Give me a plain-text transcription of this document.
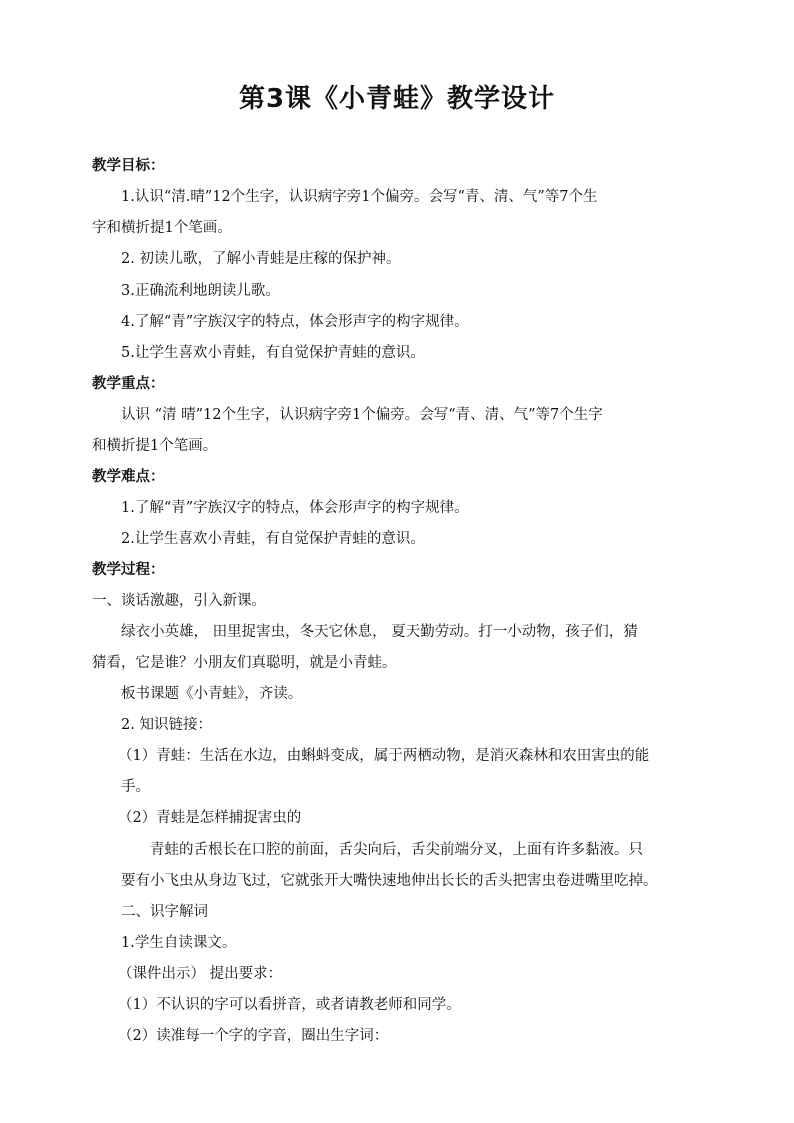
第3课《小青蛙》教学设计
教学目标：
1.认识“清.晴”12个生字，认识病字旁1个偏旁。会写“青、清、气”等7个生
字和横折提1个笔画。
2. 初读儿歌，了解小青蛙是庄稼的保护神。
3.正确流利地朗读儿歌。
4.了解“青”字族汉字的特点，体会形声字的构字规律。
5.让学生喜欢小青蛙，有自觉保护青蛙的意识。
教学重点：
认识 “清 晴”12个生字，认识病字旁1个偏旁。会写“青、清、气”等7个生字
和横折提1个笔画。
教学难点：
1.了解“青”字族汉字的特点，体会形声字的构字规律。
2.让学生喜欢小青蛙，有自觉保护青蛙的意识。
教学过程：
一、谈话激趣，引入新课。
绿衣小英雄， 田里捉害虫，冬天它休息， 夏天勤劳动。打一小动物，孩子们，猜
猜看，它是谁？小朋友们真聪明，就是小青蛙。
板书课题《小青蛙》，齐读。
2. 知识链接：
（1）青蛙：生活在水边，由蝌蚪变成，属于两栖动物，是消灭森林和农田害虫的能
手。
（2）青蛙是怎样捕捉害虫的
青蛙的舌根长在口腔的前面，舌尖向后，舌尖前端分叉，上面有许多黏液。只
要有小飞虫从身边飞过，它就张开大嘴快速地伸出长长的舌头把害虫卷进嘴里吃掉。
二、识字解词
1.学生自读课文。
（课件出示） 提出要求：
（1）不认识的字可以看拼音，或者请教老师和同学。
（2）读准每一个字的字音，圈出生字词：
